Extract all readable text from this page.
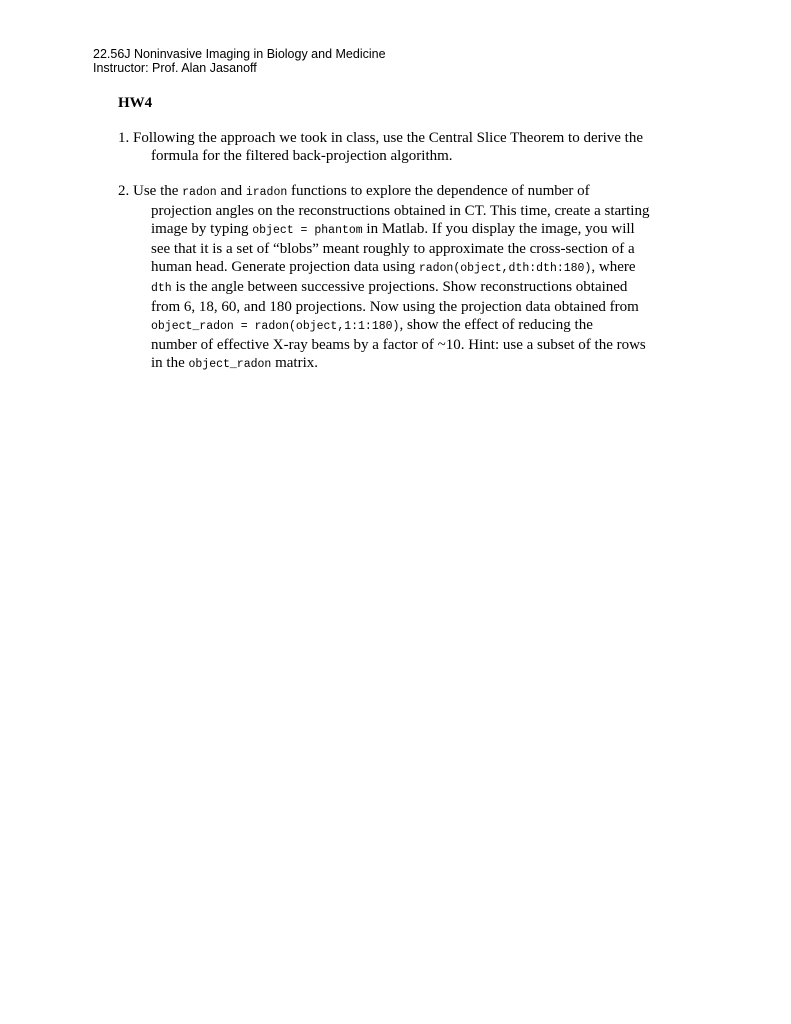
22.56J Noninvasive Imaging in Biology and Medicine
Instructor: Prof. Alan Jasanoff
HW4
1. Following the approach we took in class, use the Central Slice Theorem to derive the
formula for the filtered back-projection algorithm.
2. Use the radon and iradon functions to explore the dependence of number of
projection angles on the reconstructions obtained in CT. This time, create a starting
image by typing object = phantom in Matlab. If you display the image, you will
see that it is a set of “blobs” meant roughly to approximate the cross-section of a
human head. Generate projection data using radon(object,dth:dth:180), where
dth is the angle between successive projections. Show reconstructions obtained
from 6, 18, 60, and 180 projections. Now using the projection data obtained from
object_radon = radon(object,1:1:180), show the effect of reducing the
number of effective X-ray beams by a factor of ~10. Hint: use a subset of the rows
in the object_radon matrix.
